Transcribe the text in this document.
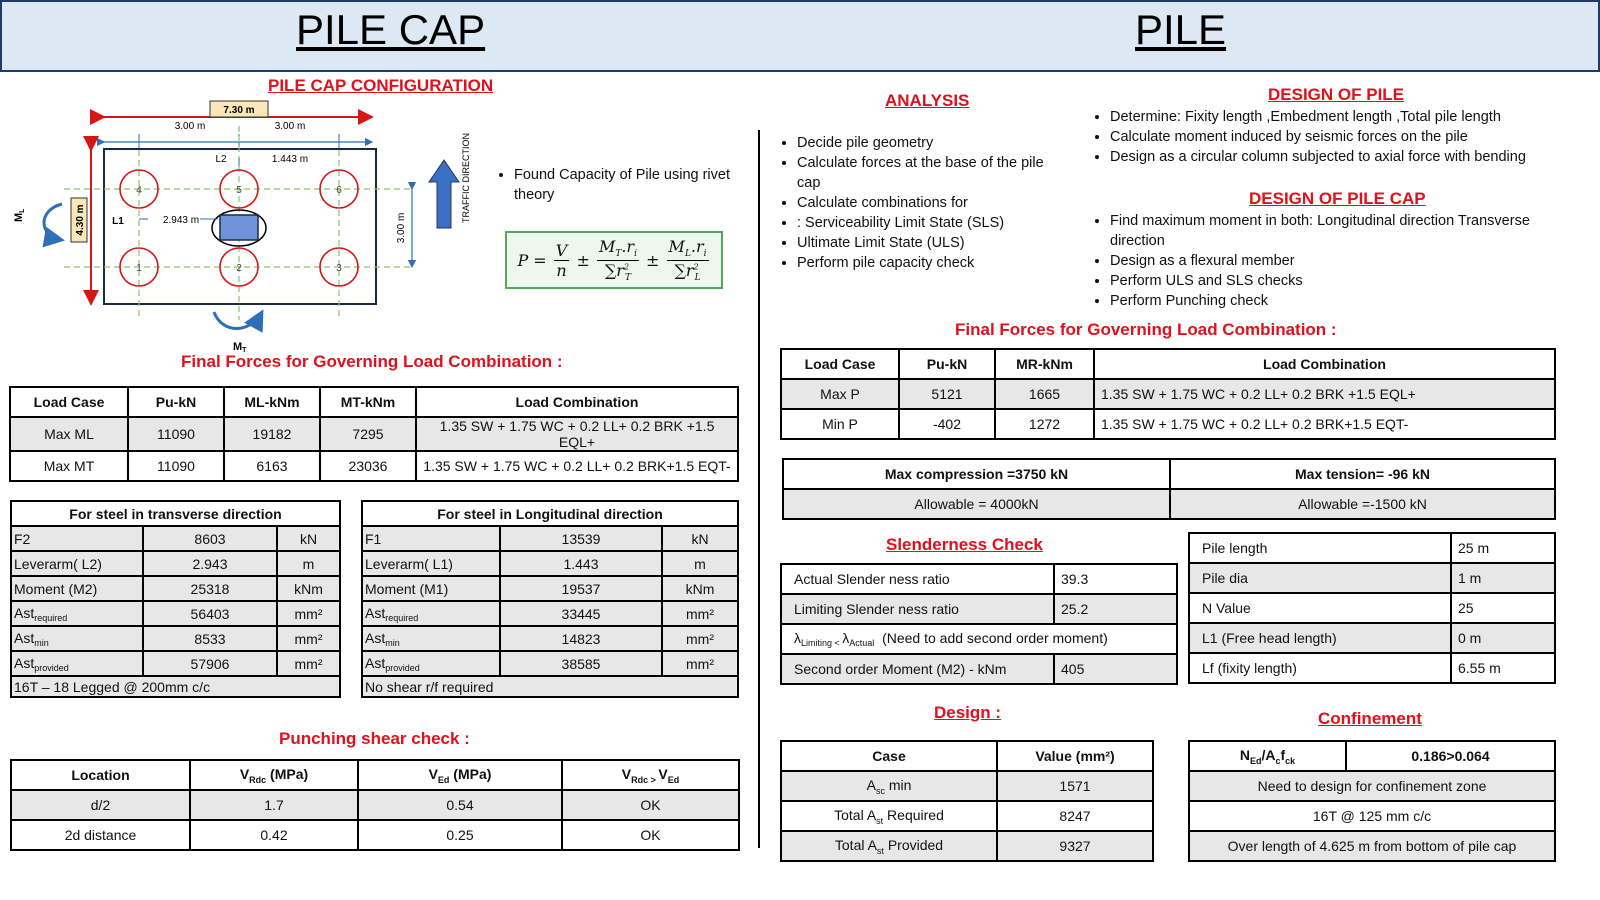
PILE CAP	PILE
PILE CAP CONFIGURATION
7.30 m
3.00 m	3.00 m
L2	1.443 m
4	5	6
1	2	3
L1	2.943 m
4.30 m
ML
3.00 m
MT
TRAFFIC DIRECTION	• Found Capacity of Pile using rivet theory
$P = \frac{V}{n} \pm \frac{M_T.r_i}{\sum r^2_T} \pm \frac{M_L.r_i}{\sum r^2_L}$
Final Forces for Governing Load Combination :
Load Case	Pu-kN	ML-kNm	MT-kNm	Load Combination
Max ML	11090	19182	7295	1.35 SW + 1.75 WC + 0.2 LL+ 0.2 BRK +1.5 EQL+
Max MT	11090	6163	23036	1.35 SW + 1.75 WC + 0.2 LL+ 0.2 BRK+1.5 EQT-
For steel in transverse direction		
F2	8603	kN
Leverarm( L2)	2.943	m
Moment (M2)	25318	kNm
Ast$_{required}$	56403	mm²
Ast$_{min}$	8533	mm²
Ast$_{provided}$	57906	mm²
16T – 18 Legged @ 200mm c/c		
For steel in Longitudinal direction		
F1	13539	kN
Leverarm( L1)	1.443	m
Moment (M1)	19537	kNm
Ast$_{required}$	33445	mm²
Ast$_{min}$	14823	mm²
Ast$_{provided}$	38585	mm²
No shear r/f required		
Punching shear check :
Location	$V_{Rdc}$ (MPa)	$V_{Ed}$ (MPa)	$V_{Rdc >}$ $V_{Ed}$
d/2	1.7	0.54	OK
2d distance	0.42	0.25	OK
ANALYSIS
• Decide pile geometry
• Calculate forces at the base of the pile cap
• Calculate combinations for
• : Serviceability Limit State (SLS)
• Ultimate Limit State (ULS)
• Perform pile capacity check
DESIGN OF PILE
• Determine: Fixity length ,Embedment length ,Total pile length
• Calculate moment induced by seismic forces on the pile
• Design as a circular column subjected to axial force with bending
DESIGN OF PILE CAP
• Find maximum moment in both: Longitudinal direction Transverse direction
• Design as a flexural member
• Perform ULS and SLS checks
• Perform Punching check
Final Forces for Governing Load Combination :
Load Case	Pu-kN	MR-kNm	Load Combination
Max P	5121	1665	1.35 SW + 1.75 WC + 0.2 LL+ 0.2 BRK +1.5 EQL+
Min P	-402	1272	1.35 SW + 1.75 WC + 0.2 LL+ 0.2 BRK+1.5 EQT-
Max compression =3750 kN	Max tension= -96 kN
Allowable = 4000kN	Allowable =-1500 kN
Slenderness Check
Actual Slender ness ratio	39.3
Limiting Slender ness ratio	25.2
$\lambda_{Limiting <}$ $\lambda_{Actual}$ (Need to add second order moment)	
Second order Moment (M2) - kNm	405
Pile length	25 m
Pile dia	1 m
N Value	25
L1 (Free head length)	0 m
Lf (fixity length)	6.55 m
Design :
Case	Value (mm²)
$A_{sc}$ min	1571
Total $A_{st}$ Required	8247
Total $A_{st}$ Provided	9327
Confinement
$N_{Ed}/A_cf_{ck}$	0.186>0.064
Need to design for confinement zone
16T @ 125 mm c/c
Over length of 4.625 m from bottom of pile cap
